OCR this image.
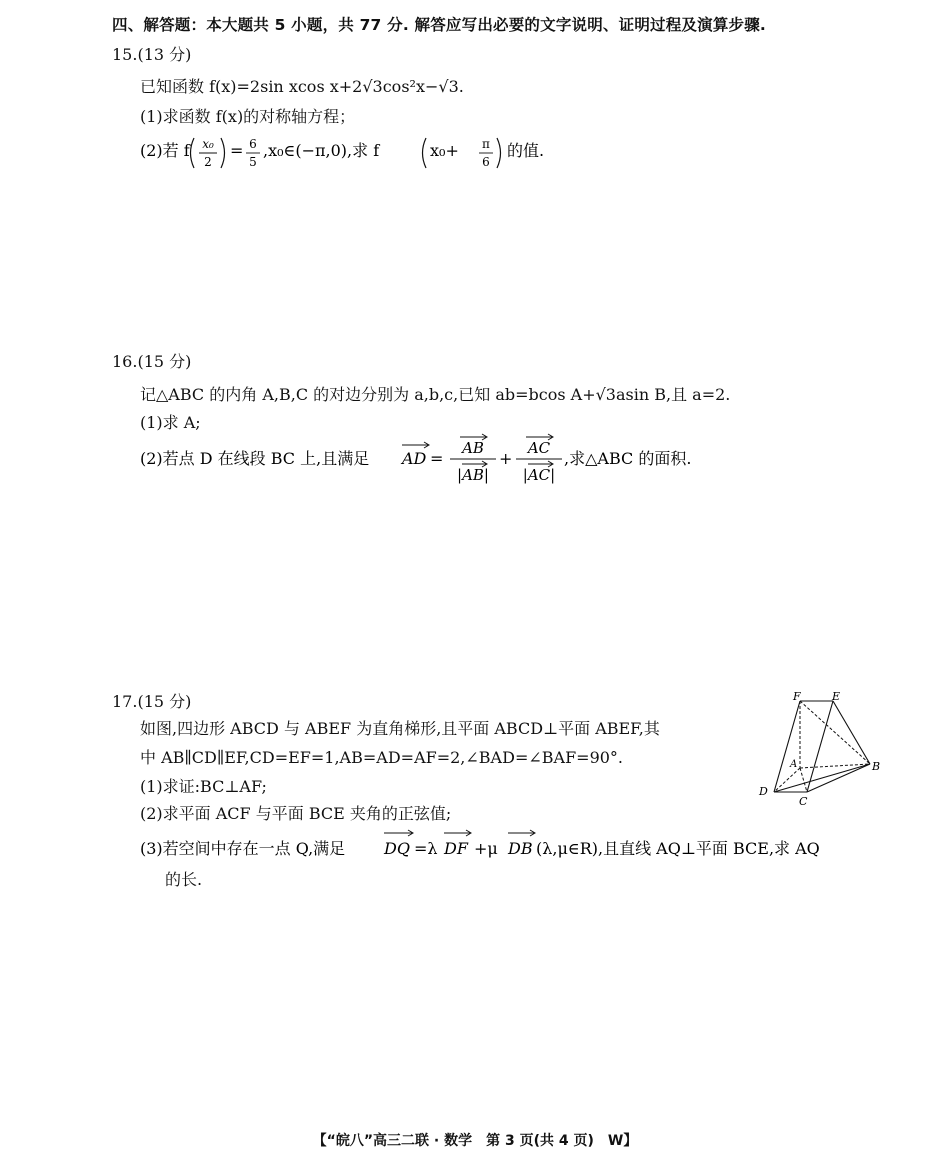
四、解答题：本大题共 5 小题，共 77 分. 解答应写出必要的文字说明、证明过程及演算步骤.
15.(13 分)
已知函数 f(x)=2sin xcos x+2√3cos²x−√3.
(1)求函数 f(x)的对称轴方程；
(2)若 f x₀
2
= 6
5
,x₀∈(−π,0),求 f	x₀+ π
6
的值.
16.(15 分)
记△ABC 的内角 A,B,C 的对边分别为 a,b,c,已知 ab=bcos A+√3asin B,且 a=2.
(1)求 A;
(2)若点 D 在线段 BC 上,且满足 AD =
AB
|AB|
+
AC
|AC|
,求△ABC 的面积.
17.(15 分)
如图,四边形 ABCD 与 ABEF 为直角梯形,且平面 ABCD⊥平面 ABEF,其
中 AB∥CD∥EF,CD=EF=1,AB=AD=AF=2,∠BAD=∠BAF=90°.
(1)求证:BC⊥AF;
(2)求平面 ACF 与平面 BCE 夹角的正弦值;
(3)若空间中存在一点 Q,满足 DQ =λ DF +μ DB (λ,μ∈R),且直线 AQ⊥平面 BCE,求 AQ
的长.
F	E
A	B
D
C
【“皖八”高三二联 · 数学　第 3 页(共 4 页)　W】
